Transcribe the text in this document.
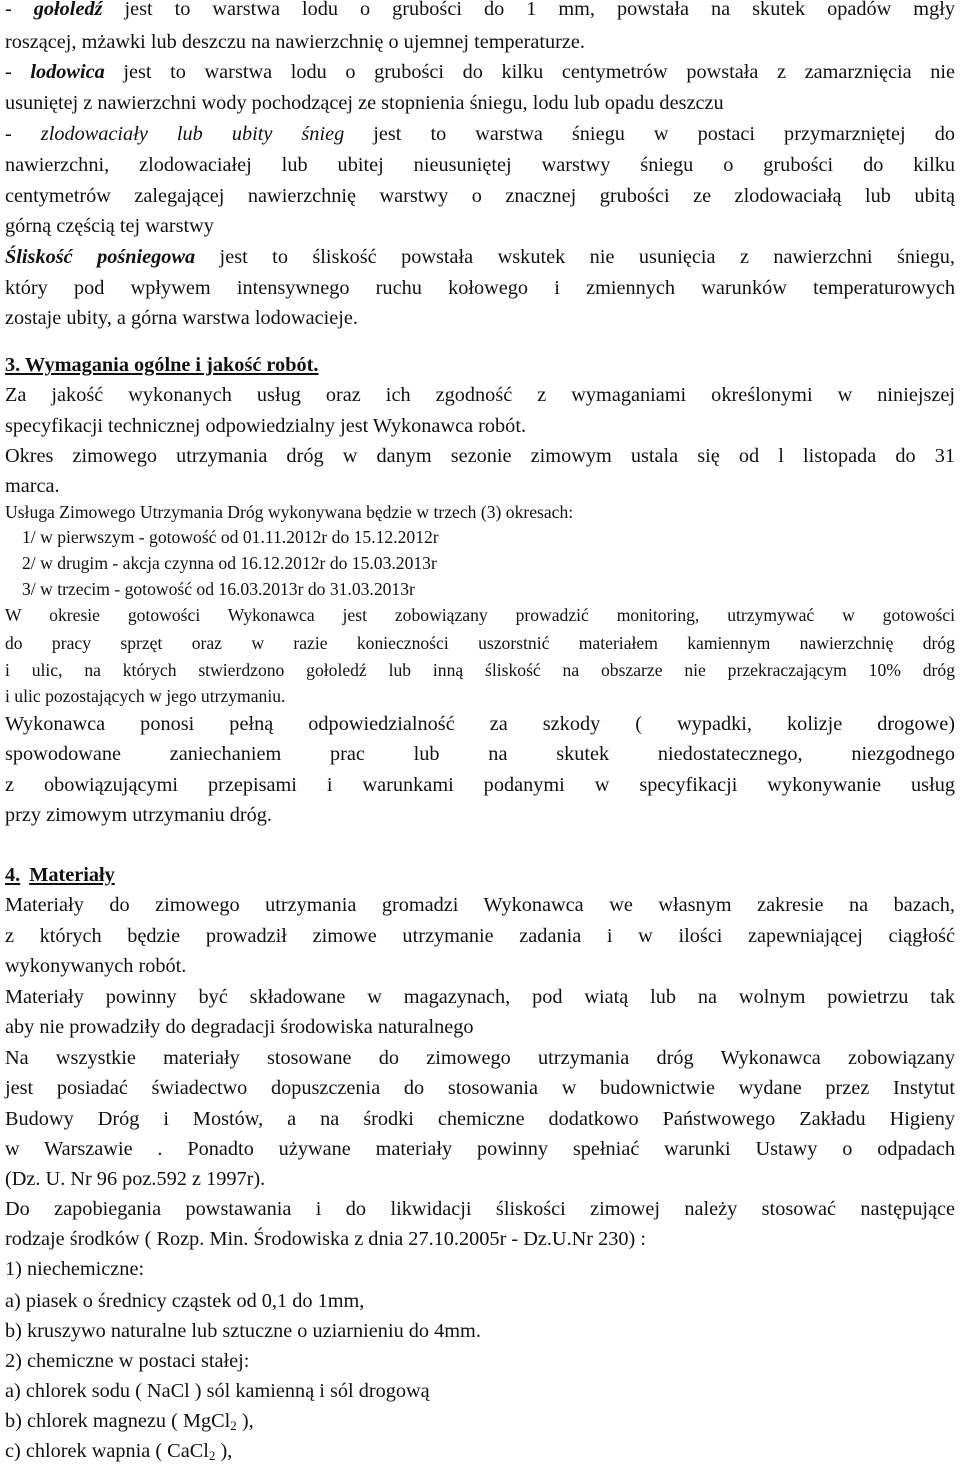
- gołoledź jest to warstwa lodu o grubości do 1 mm, powstała na skutek opadów mgły
roszącej, mżawki lub deszczu na nawierzchnię o ujemnej temperaturze.
- lodowica jest to warstwa lodu o grubości do kilku centymetrów powstała z zamarznięcia nie
usuniętej z nawierzchni wody pochodzącej ze stopnienia śniegu, lodu lub opadu deszczu
- zlodowaciały lub ubity śnieg jest to warstwa śniegu w postaci przymarzniętej do
nawierzchni, zlodowaciałej lub ubitej nieusuniętej warstwy śniegu o grubości do kilku
centymetrów zalegającej nawierzchnię warstwy o znacznej grubości ze zlodowaciałą lub ubitą
górną częścią tej warstwy
Śliskość pośniegowa jest to śliskość powstała wskutek nie usunięcia z nawierzchni śniegu,
który pod wpływem intensywnego ruchu kołowego i zmiennych warunków temperaturowych
zostaje ubity, a górna warstwa lodowacieje.
3. Wymagania ogólne i jakość robót.
Za jakość wykonanych usług oraz ich zgodność z wymaganiami określonymi w niniejszej
specyfikacji technicznej odpowiedzialny jest Wykonawca robót.
Okres zimowego utrzymania dróg w danym sezonie zimowym ustala się od l listopada do 31
marca.
Usługa Zimowego Utrzymania Dróg wykonywana będzie w trzech (3) okresach:
1/ w pierwszym - gotowość od 01.11.2012r do 15.12.2012r
2/ w drugim - akcja czynna od 16.12.2012r do 15.03.2013r
3/ w trzecim - gotowość od 16.03.2013r do 31.03.2013r
W okresie gotowości Wykonawca jest zobowiązany prowadzić monitoring, utrzymywać w gotowości
do pracy sprzęt oraz w razie konieczności uszorstnić materiałem kamiennym nawierzchnię dróg
i ulic, na których stwierdzono gołoledź lub inną śliskość na obszarze nie przekraczającym 10% dróg
i ulic pozostających w jego utrzymaniu.
Wykonawca ponosi pełną odpowiedzialność za szkody ( wypadki, kolizje drogowe)
spowodowane zaniechaniem prac lub na skutek niedostatecznego, niezgodnego
z obowiązującymi przepisami i warunkami podanymi w specyfikacji wykonywanie usług
przy zimowym utrzymaniu dróg.
4. Materiały
Materiały do zimowego utrzymania gromadzi Wykonawca we własnym zakresie na bazach,
z których będzie prowadził zimowe utrzymanie zadania i w ilości zapewniającej ciągłość
wykonywanych robót.
Materiały powinny być składowane w magazynach, pod wiatą lub na wolnym powietrzu tak
aby nie prowadziły do degradacji środowiska naturalnego
Na wszystkie materiały stosowane do zimowego utrzymania dróg Wykonawca zobowiązany
jest posiadać świadectwo dopuszczenia do stosowania w budownictwie wydane przez Instytut
Budowy Dróg i Mostów, a na środki chemiczne dodatkowo Państwowego Zakładu Higieny
w Warszawie . Ponadto używane materiały powinny spełniać warunki Ustawy o odpadach
(Dz. U. Nr 96 poz.592 z 1997r).
Do zapobiegania powstawania i do likwidacji śliskości zimowej należy stosować następujące
rodzaje środków ( Rozp. Min. Środowiska z dnia 27.10.2005r - Dz.U.Nr 230) :
1) niechemiczne:
a) piasek o średnicy cząstek od 0,1 do 1mm,
b) kruszywo naturalne lub sztuczne o uziarnieniu do 4mm.
2) chemiczne w postaci stałej:
a) chlorek sodu ( NaCl ) sól kamienną i sól drogową
b) chlorek magnezu ( MgCl$_2$ ),
c) chlorek wapnia ( CaCl$_2$ ),
